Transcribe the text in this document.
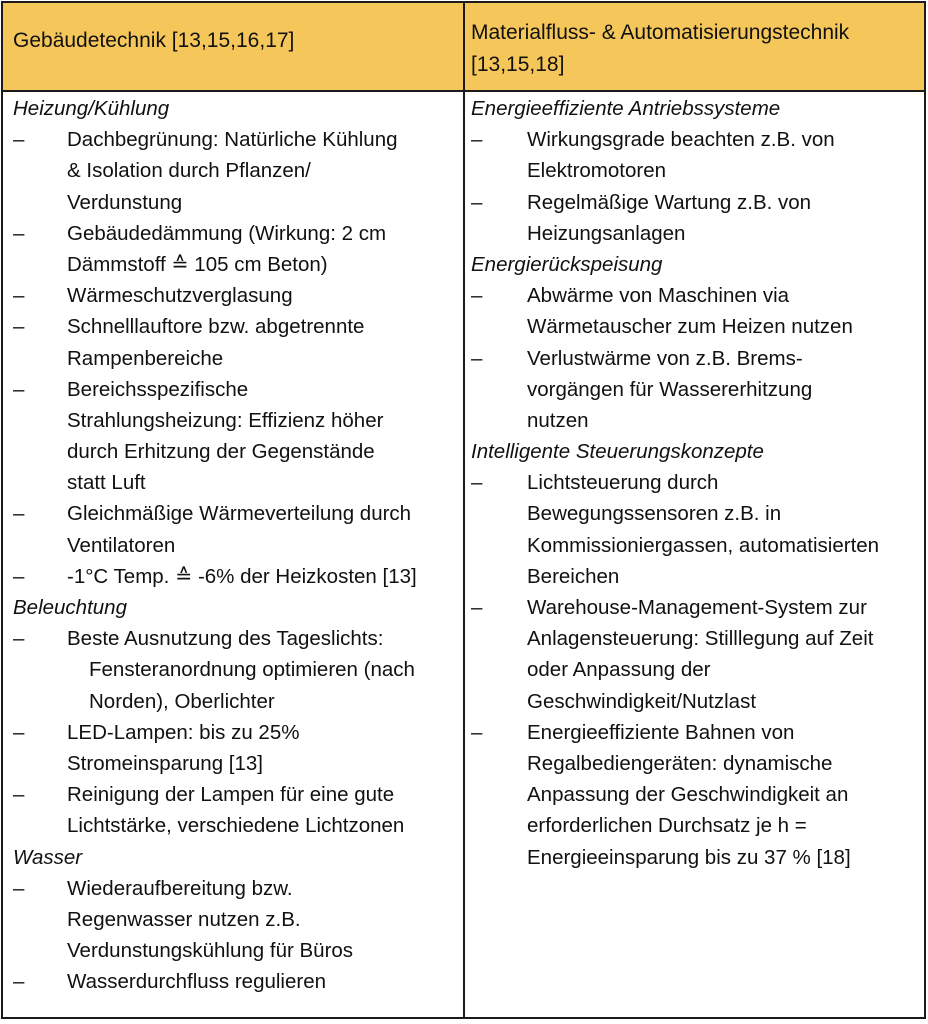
Gebäudetechnik [13,15,16,17]	Materialfluss- & Automatisierungstechnik
[13,15,18]
Heizung/Kühlung
– Dachbegrünung: Natürliche Kühlung
& Isolation durch Pflanzen/
Verdunstung
– Gebäudedämmung (Wirkung: 2 cm
Dämmstoff ≙ 105 cm Beton)
– Wärmeschutzverglasung
– Schnelllauftore bzw. abgetrennte
Rampenbereiche
– Bereichsspezifische
Strahlungsheizung: Effizienz höher
durch Erhitzung der Gegenstände
statt Luft
– Gleichmäßige Wärmeverteilung durch
Ventilatoren
– -1°C Temp. ≙ -6% der Heizkosten [13]
Beleuchtung
– Beste Ausnutzung des Tageslichts:
Fensteranordnung optimieren (nach
Norden), Oberlichter
– LED-Lampen: bis zu 25%
Stromeinsparung [13]
– Reinigung der Lampen für eine gute
Lichtstärke, verschiedene Lichtzonen
Wasser
– Wiederaufbereitung bzw.
Regenwasser nutzen z.B.
Verdunstungskühlung für Büros
– Wasserdurchfluss regulieren
Energieeffiziente Antriebssysteme
– Wirkungsgrade beachten z.B. von
Elektromotoren
– Regelmäßige Wartung z.B. von
Heizungsanlagen
Energierückspeisung
– Abwärme von Maschinen via
Wärmetauscher zum Heizen nutzen
– Verlustwärme von z.B. Brems-
vorgängen für Wassererhitzung
nutzen
Intelligente Steuerungskonzepte
– Lichtsteuerung durch
Bewegungssensoren z.B. in
Kommissioniergassen, automatisierten
Bereichen
– Warehouse-Management-System zur
Anlagensteuerung: Stilllegung auf Zeit
oder Anpassung der
Geschwindigkeit/Nutzlast
– Energieeffiziente Bahnen von
Regalbediengeräten: dynamische
Anpassung der Geschwindigkeit an
erforderlichen Durchsatz je h =
Energieeinsparung bis zu 37 % [18]
